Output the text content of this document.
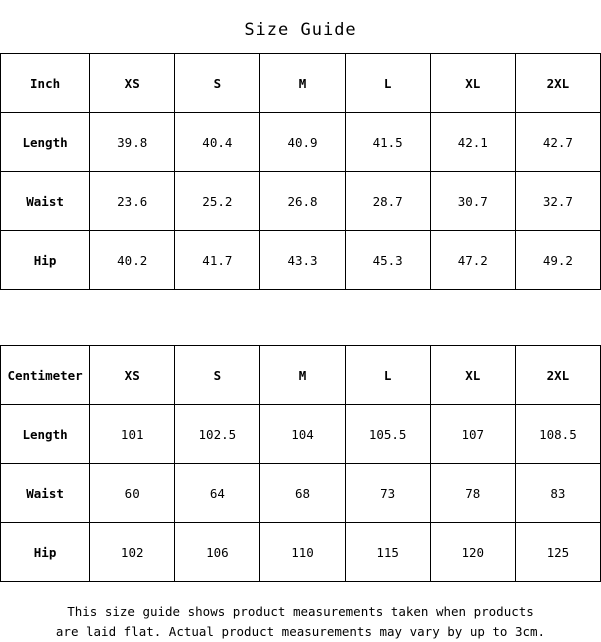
Size Guide
Inch	XS	S	M	L	XL	2XL
Length	39.8	40.4	40.9	41.5	42.1	42.7
Waist	23.6	25.2	26.8	28.7	30.7	32.7
Hip	40.2	41.7	43.3	45.3	47.2	49.2
Centimeter	XS	S	M	L	XL	2XL
Length	101	102.5	104	105.5	107	108.5
Waist	60	64	68	73	78	83
Hip	102	106	110	115	120	125
This size guide shows product measurements taken when products
are laid flat. Actual product measurements may vary by up to 3cm.
